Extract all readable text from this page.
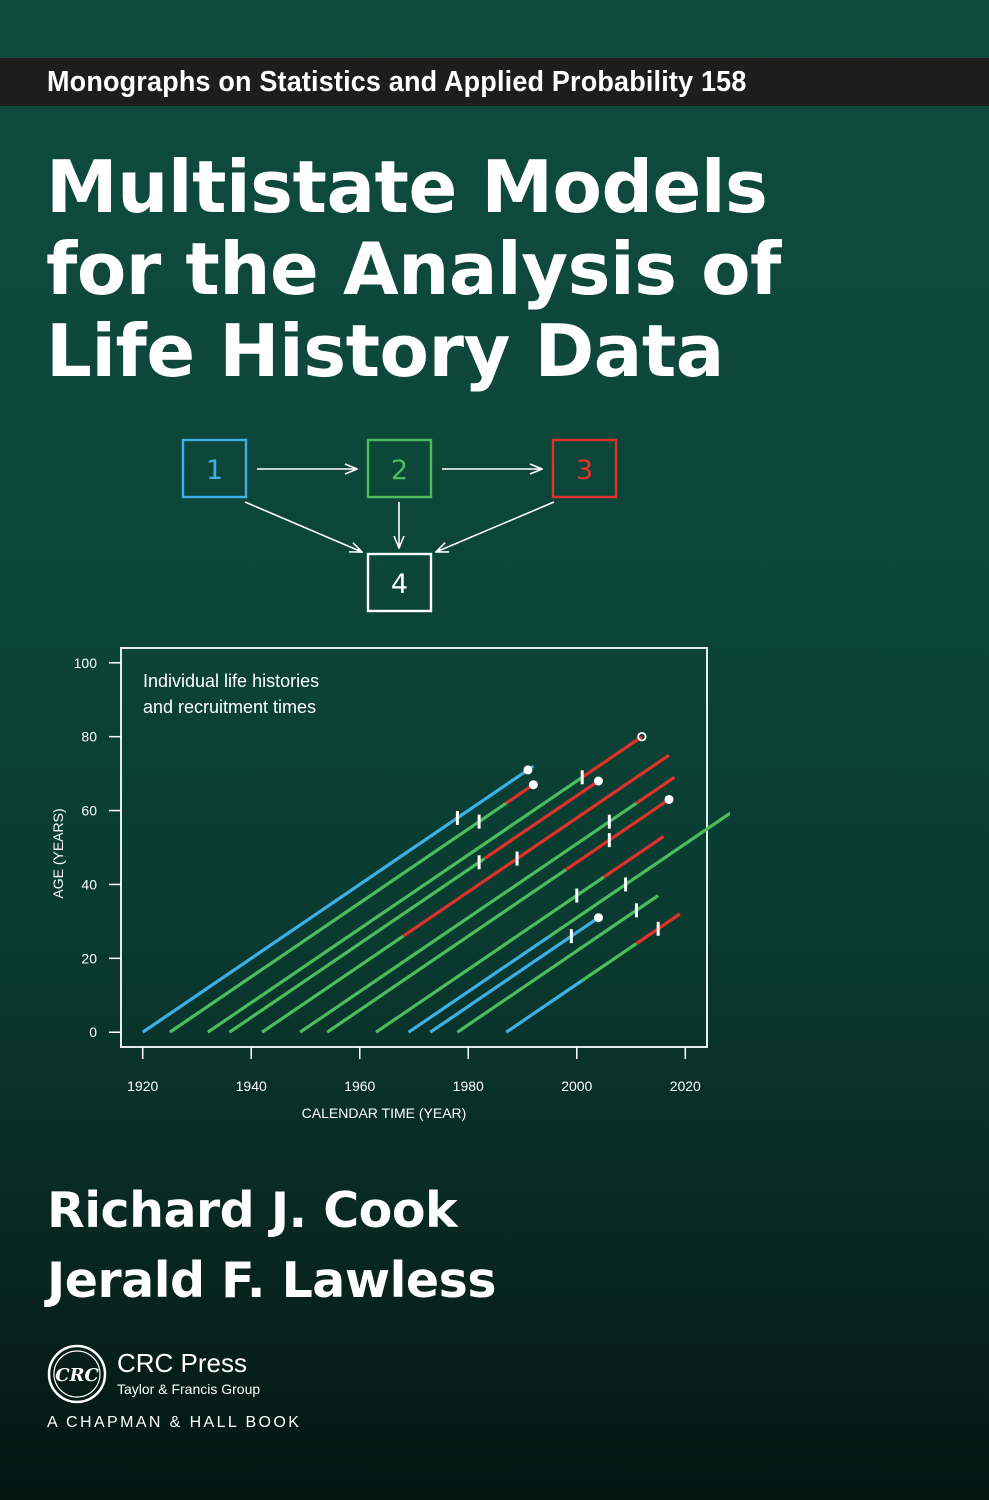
Monographs on Statistics and Applied Probability 158
Multistate Models
for the Analysis of
Life History Data
1	2	3
4
0
20
40
60
80
100
1920	1940	1960	1980	2000	2020
CALENDAR TIME (YEAR)
AGE (YEARS)
Individual life histories
and recruitment times
Richard J. Cook
Jerald F. Lawless
CRC CRC Press
Taylor & Francis Group
A CHAPMAN & HALL BOOK
